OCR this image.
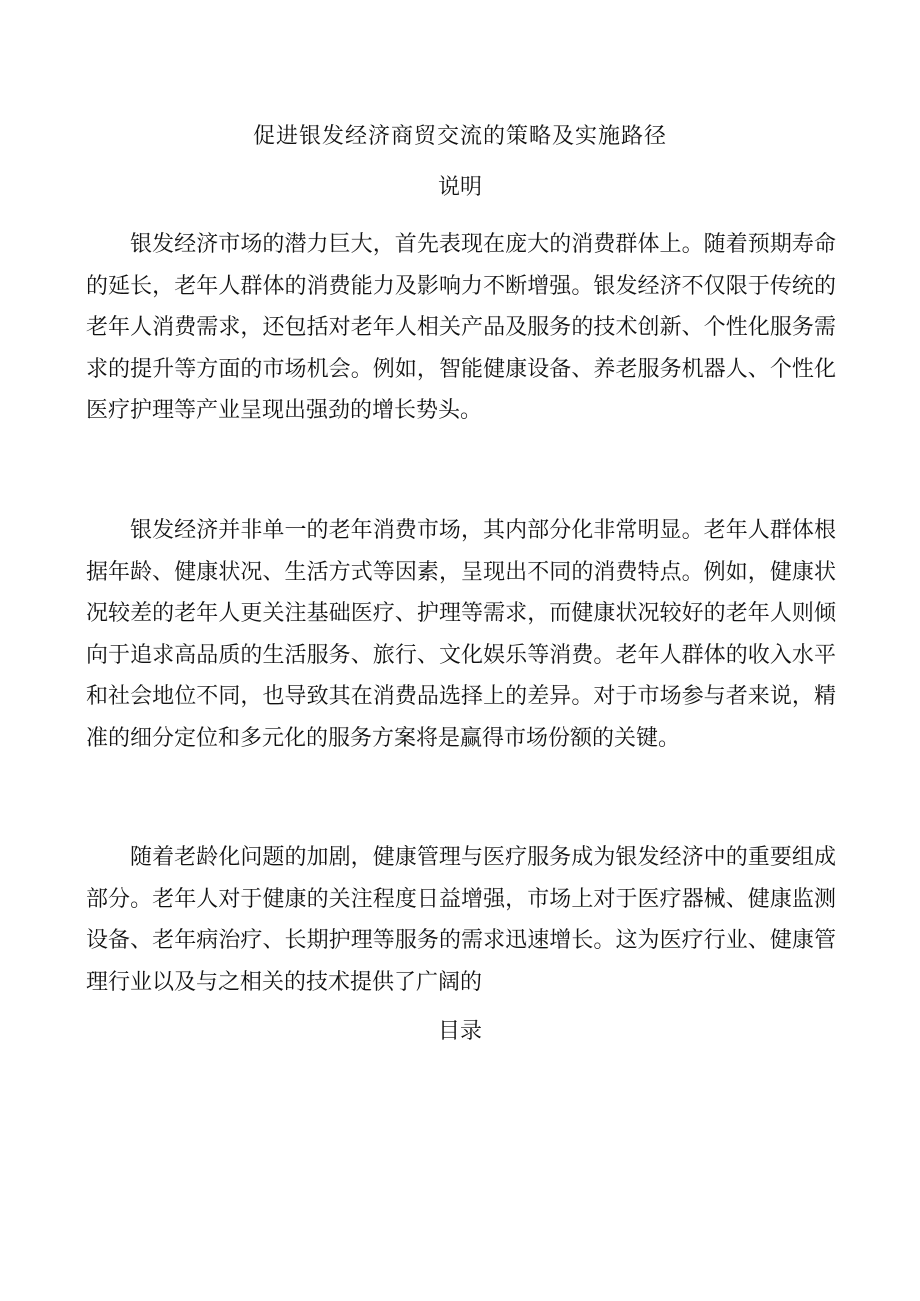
促进银发经济商贸交流的策略及实施路径
说明

银发经济市场的潜力巨大，首先表现在庞大的消费群体上。随着预期寿命的延长，老年人群体的消费能力及影响力不断增强。银发经济不仅限于传统的老年人消费需求，还包括对老年人相关产品及服务的技术创新、个性化服务需求的提升等方面的市场机会。例如，智能健康设备、养老服务机器人、个性化医疗护理等产业呈现出强劲的增长势头。

银发经济并非单一的老年消费市场，其内部分化非常明显。老年人群体根据年龄、健康状况、生活方式等因素，呈现出不同的消费特点。例如，健康状况较差的老年人更关注基础医疗、护理等需求，而健康状况较好的老年人则倾向于追求高品质的生活服务、旅行、文化娱乐等消费。老年人群体的收入水平和社会地位不同，也导致其在消费品选择上的差异。对于市场参与者来说，精准的细分定位和多元化的服务方案将是赢得市场份额的关键。

随着老龄化问题的加剧，健康管理与医疗服务成为银发经济中的重要组成部分。老年人对于健康的关注程度日益增强，市场上对于医疗器械、健康监测设备、老年病治疗、长期护理等服务的需求迅速增长。这为医疗行业、健康管理行业以及与之相关的技术提供了广阔的

目录
